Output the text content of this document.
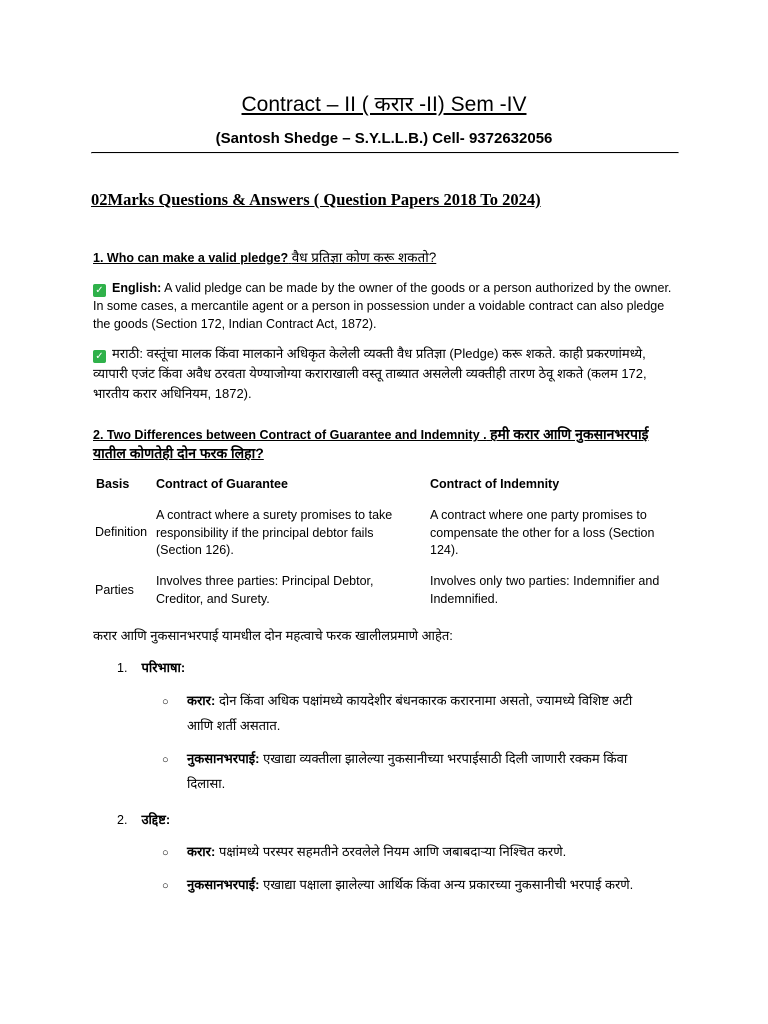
Contract – II ( करार -II) Sem -IV

(Santosh Shedge – S.Y.L.L.B.) Cell- 9372632056

02Marks Questions & Answers ( Question Papers 2018 To 2024)

1. Who can make a valid pledge? वैध प्रतिज्ञा कोण करू शकतो?

✓ English: A valid pledge can be made by the owner of the goods or a person authorized by the owner. In some cases, a mercantile agent or a person in possession under a voidable contract can also pledge the goods (Section 172, Indian Contract Act, 1872).

✓ मराठी: वस्तूंचा मालक किंवा मालकाने अधिकृत केलेली व्यक्ती वैध प्रतिज्ञा (Pledge) करू शकते. काही प्रकरणांमध्ये, व्यापारी एजंट किंवा अवैध ठरवता येण्याजोग्या कराराखाली वस्तू ताब्यात असलेली व्यक्तीही तारण ठेवू शकते (कलम 172, भारतीय करार अधिनियम, 1872).

2. Two Differences between Contract of Guarantee and Indemnity . हमी करार आणि नुकसानभरपाई यातील कोणतेही दोन फरक लिहा?

Basis Contract of Guarantee	Contract of Indemnity

Definition

A contract where a surety promises to take responsibility if the principal debtor fails (Section 126).

A contract where one party promises to compensate the other for a loss (Section 124).

Parties

Involves three parties: Principal Debtor, Creditor, and Surety.

Involves only two parties: Indemnifier and Indemnified.

करार आणि नुकसानभरपाई यामधील दोन महत्वाचे फरक खालीलप्रमाणे आहेत:

1. परिभाषा:

○ करार: दोन किंवा अधिक पक्षांमध्ये कायदेशीर बंधनकारक करारनामा असतो, ज्यामध्ये विशिष्ट अटी आणि शर्ती असतात.

○ नुकसानभरपाई: एखाद्या व्यक्तीला झालेल्या नुकसानीच्या भरपाईसाठी दिली जाणारी रक्कम किंवा दिलासा.

2. उद्दिष्ट:

○ करार: पक्षांमध्ये परस्पर सहमतीने ठरवलेले नियम आणि जबाबदाऱ्या निश्चित करणे.

○ नुकसानभरपाई: एखाद्या पक्षाला झालेल्या आर्थिक किंवा अन्य प्रकारच्या नुकसानीची भरपाई करणे.
